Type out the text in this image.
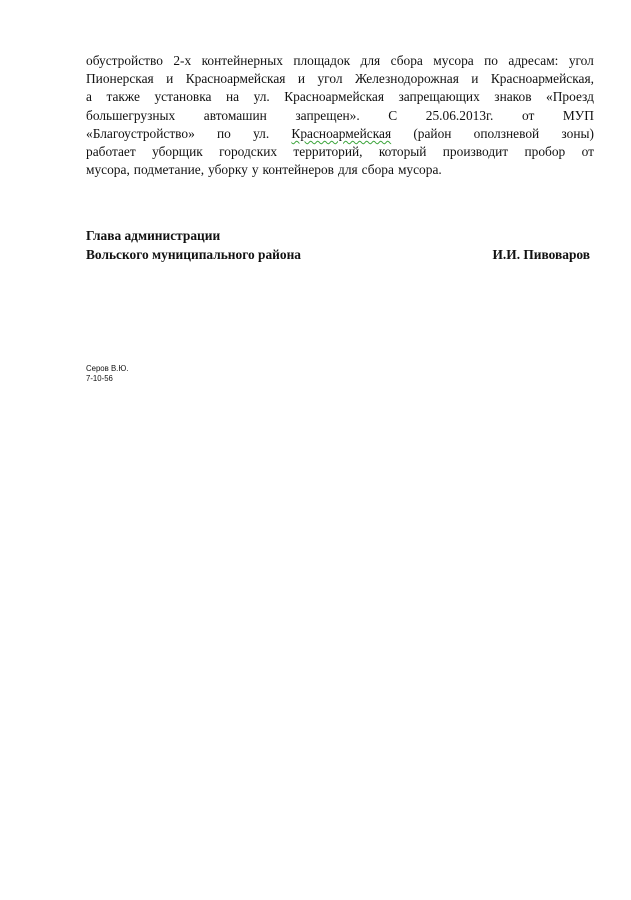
обустройство 2-х контейнерных площадок для сбора мусора по адресам: угол
Пионерская и Красноармейская и угол Железнодорожная и Красноармейская,
а также установка на ул. Красноармейская запрещающих знаков «Проезд
большегрузных автомашин запрещен». С 25.06.2013г. от МУП
«Благоустройство» по ул. Красноармейская (район оползневой зоны)
работает уборщик городских территорий, который производит пробор от
мусора, подметание, уборку у контейнеров для сбора мусора.
Глава администрации
Вольского муниципального района	И.И. Пивоваров
Серов В.Ю.
7-10-56
